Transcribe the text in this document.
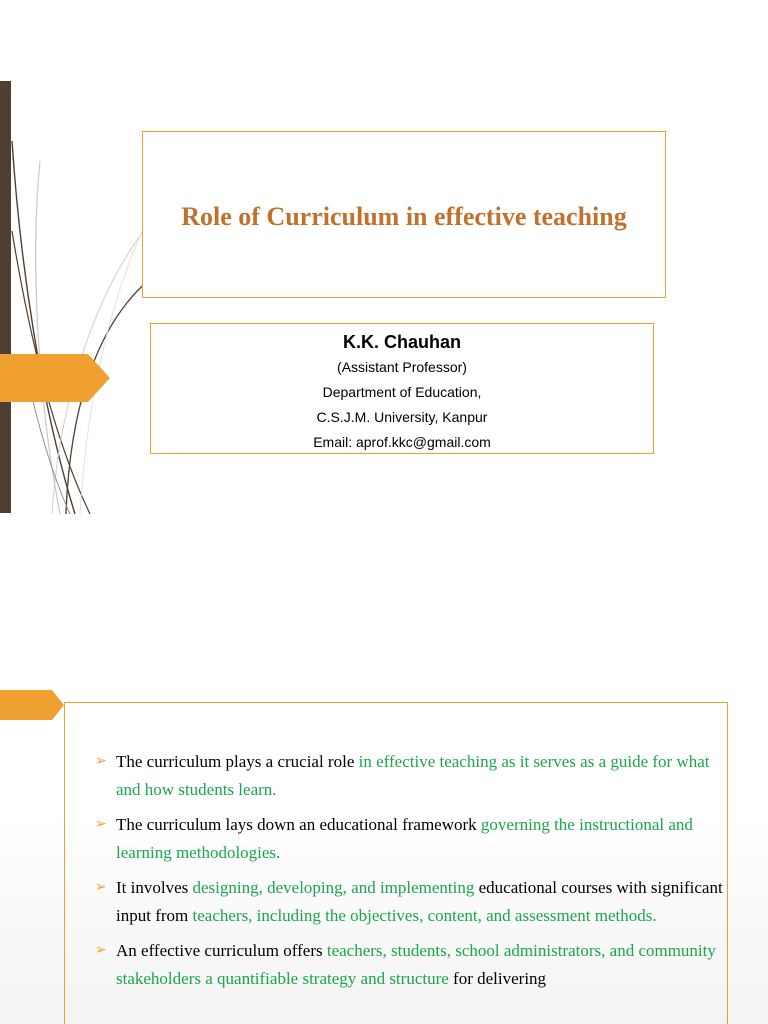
Role of Curriculum in effective teaching
K.K. Chauhan
(Assistant Professor)
Department of Education,
C.S.J.M. University, Kanpur
Email: aprof.kkc@gmail.com
➢ The curriculum plays a crucial role in effective teaching as it serves as a guide for what and how students learn.
➢ The curriculum lays down an educational framework governing the instructional and learning methodologies.
➢ It involves designing, developing, and implementing educational courses with significant input from teachers, including the objectives, content, and assessment methods.
➢ An effective curriculum offers teachers, students, school administrators, and community stakeholders a quantifiable strategy and structure for delivering
